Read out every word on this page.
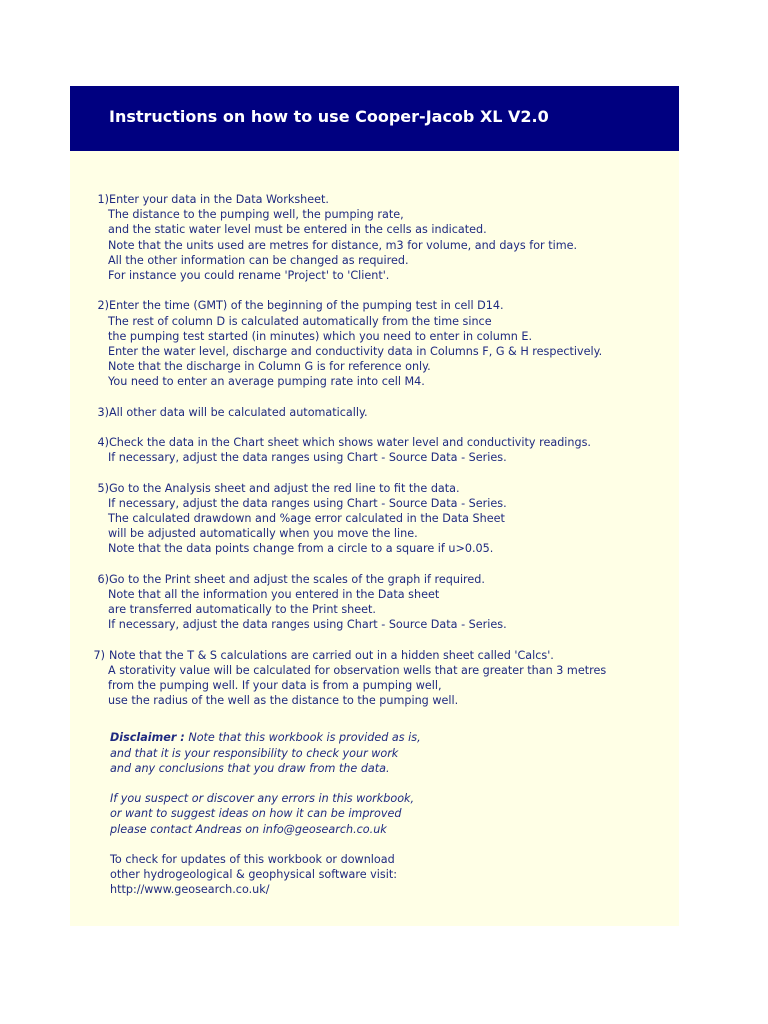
Instructions on how to use Cooper-Jacob XL V2.0
1)Enter your data in the Data Worksheet.
The distance to the pumping well, the pumping rate,
and the static water level must be entered in the cells as indicated.
Note that the units used are metres for distance, m3 for volume, and days for time.
All the other information can be changed as required.
For instance you could rename 'Project' to 'Client'.
2)Enter the time (GMT) of the beginning of the pumping test in cell D14.
The rest of column D is calculated automatically from the time since
the pumping test started (in minutes) which you need to enter in column E.
Enter the water level, discharge and conductivity data in Columns F, G & H respectively.
Note that the discharge in Column G is for reference only.
You need to enter an average pumping rate into cell M4.
3)All other data will be calculated automatically.
4)Check the data in the Chart sheet which shows water level and conductivity readings.
If necessary, adjust the data ranges using Chart - Source Data - Series.
5)Go to the Analysis sheet and adjust the red line to fit the data.
If necessary, adjust the data ranges using Chart - Source Data - Series.
The calculated drawdown and %age error calculated in the Data Sheet
will be adjusted automatically when you move the line.
Note that the data points change from a circle to a square if u>0.05.
6)Go to the Print sheet and adjust the scales of the graph if required.
Note that all the information you entered in the Data sheet
are transferred automatically to the Print sheet.
If necessary, adjust the data ranges using Chart - Source Data - Series.
7) Note that the T & S calculations are carried out in a hidden sheet called 'Calcs'.
A storativity value will be calculated for observation wells that are greater than 3 metres
from the pumping well. If your data is from a pumping well,
use the radius of the well as the distance to the pumping well.
Disclaimer : Note that this workbook is provided as is,
and that it is your responsibility to check your work
and any conclusions that you draw from the data.
If you suspect or discover any errors in this workbook,
or want to suggest ideas on how it can be improved
please contact Andreas on info@geosearch.co.uk
To check for updates of this workbook or download
other hydrogeological & geophysical software visit:
http://www.geosearch.co.uk/
